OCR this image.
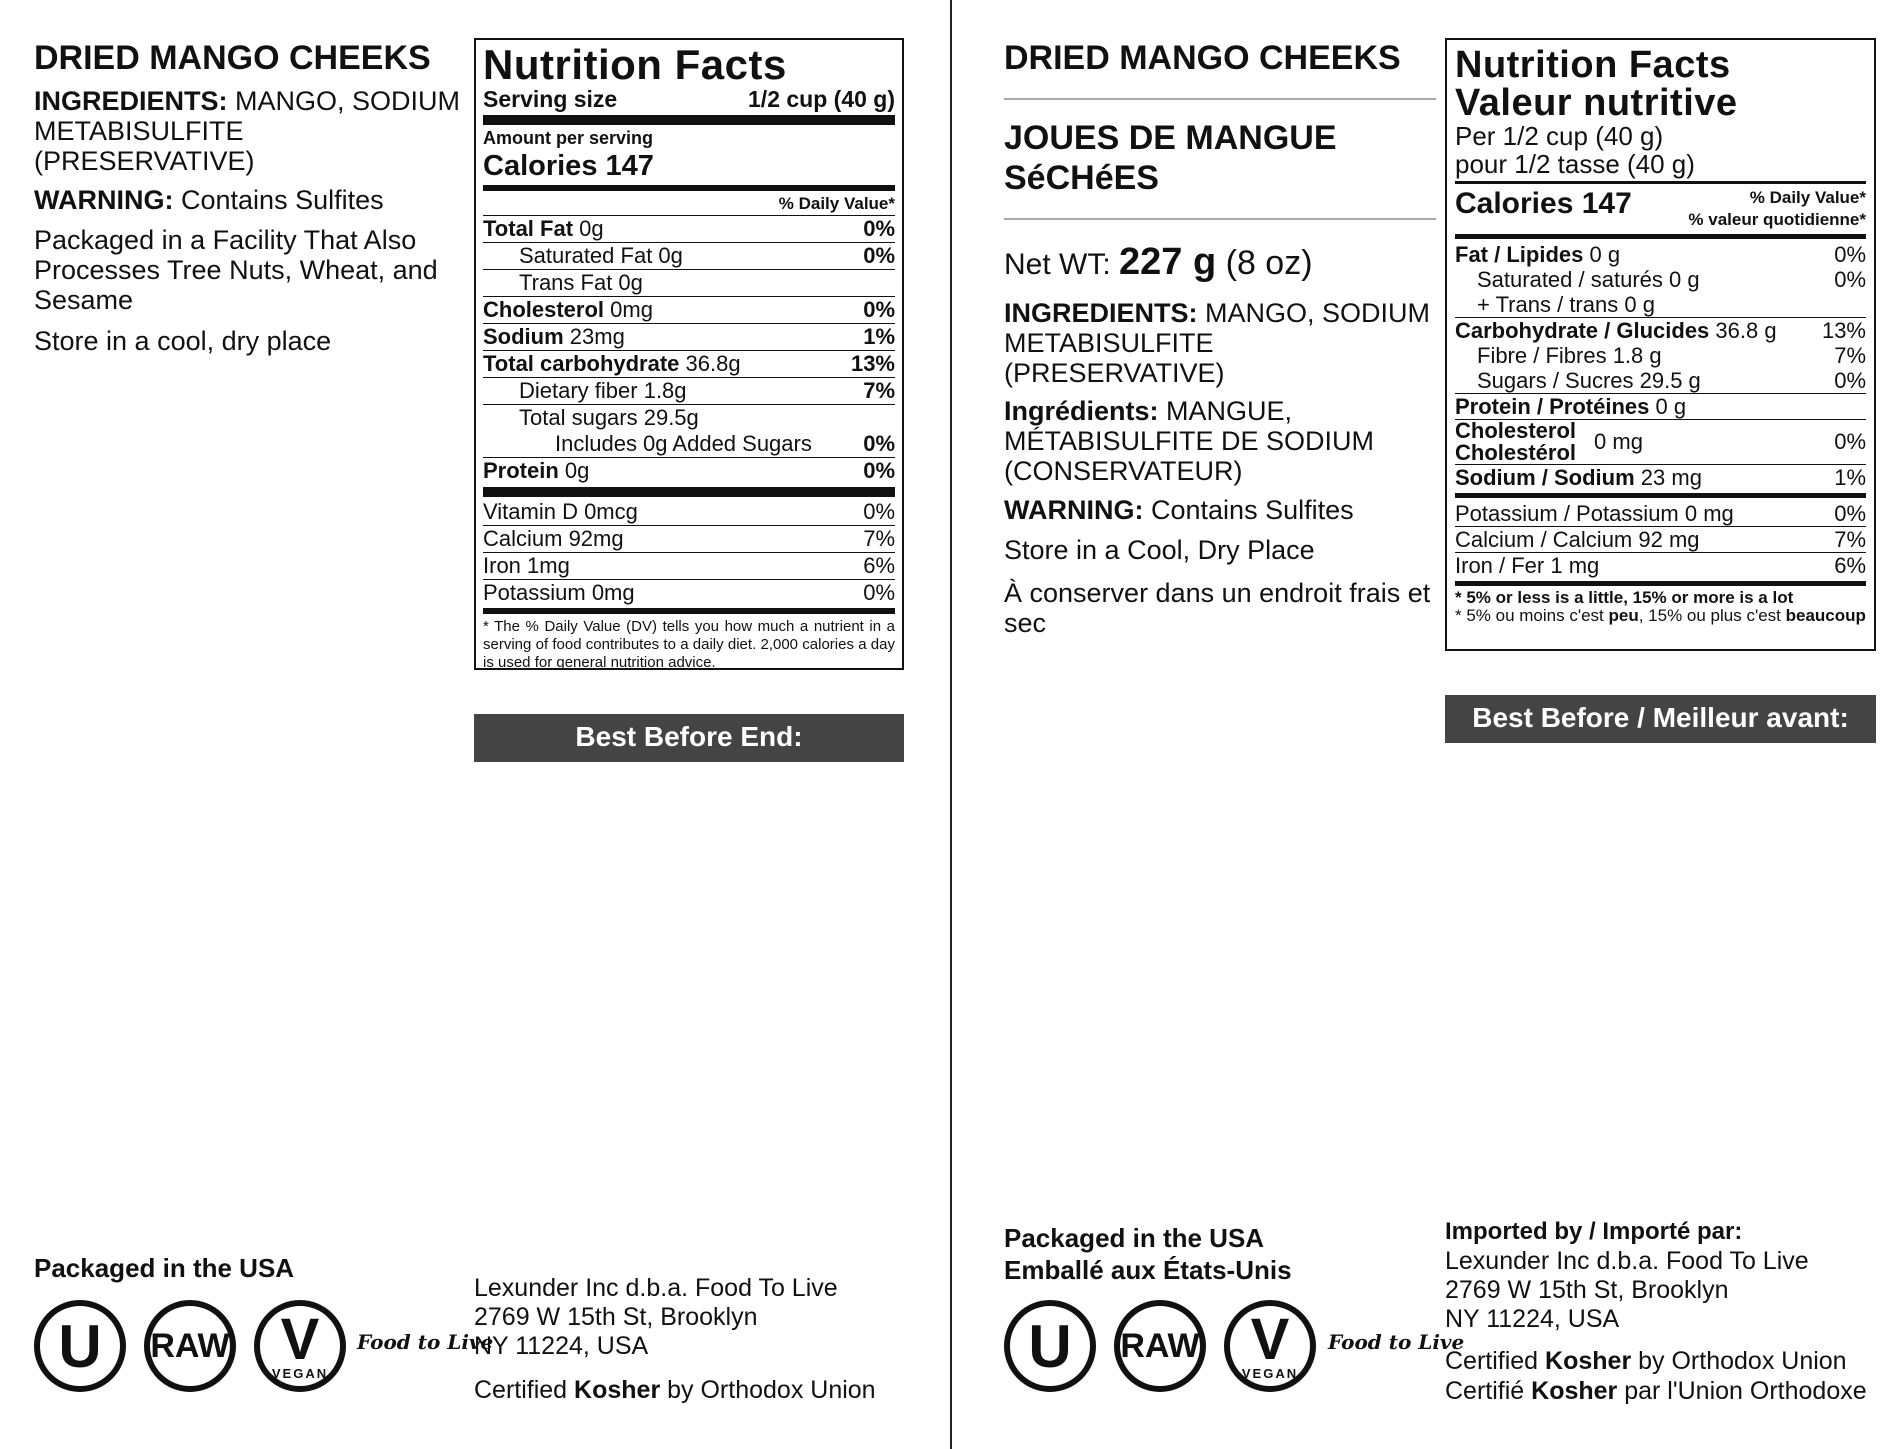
DRIED MANGO CHEEKS
INGREDIENTS: MANGO, SODIUM METABISULFITE (PRESERVATIVE)
WARNING: Contains Sulfites
Packaged in a Facility That Also Processes Tree Nuts, Wheat, and Sesame
Store in a cool, dry place
Nutrition Facts
Serving size	1/2 cup (40 g)
Amount per serving
Calories 147
% Daily Value*
Total Fat 0g	0%
Saturated Fat 0g	0%
Trans Fat 0g
Cholesterol 0mg	0%
Sodium 23mg	1%
Total carbohydrate 36.8g	13%
Dietary fiber 1.8g	7%
Total sugars 29.5g
Includes 0g Added Sugars 0%
Protein 0g	0%
Vitamin D 0mcg	0%
Calcium 92mg	7%
Iron 1mg	6%
Potassium 0mg	0%
* The % Daily Value (DV) tells you how much a nutrient in a serving of food contributes to a daily diet. 2,000 calories a day is used for general nutrition advice.
Best Before End:
Packaged in the USA
U RAW V
VEGAN
Food to Live
Lexunder Inc d.b.a. Food To Live
2769 W 15th St, Brooklyn
NY 11224, USA
Certified Kosher by Orthodox Union
DRIED MANGO CHEEKS
JOUES DE MANGUE
SéCHéES
Net WT: 227 g (8 oz)
INGREDIENTS: MANGO, SODIUM METABISULFITE (PRESERVATIVE)
Ingrédients: MANGUE, MÉTABISULFITE DE SODIUM (CONSERVATEUR)
WARNING: Contains Sulfites
Store in a Cool, Dry Place
À conserver dans un endroit frais et sec
Nutrition Facts
Valeur nutritive
Per 1/2 cup (40 g)
pour 1/2 tasse (40 g)
Calories 147	% Daily Value*
% valeur quotidienne*
Fat / Lipides 0 g	0%
Saturated / saturés 0 g	0%
+ Trans / trans 0 g
Carbohydrate / Glucides 36.8 g 13%
Fibre / Fibres 1.8 g	7%
Sugars / Sucres 29.5 g	0%
Protein / Protéines 0 g
Cholesterol
Cholestérol 0 mg	0%
Sodium / Sodium 23 mg	1%
Potassium / Potassium 0 mg	0%
Calcium / Calcium 92 mg	7%
Iron / Fer 1 mg	6%
* 5% or less is a little, 15% or more is a lot
* 5% ou moins c'est peu, 15% ou plus c'est beaucoup
Best Before / Meilleur avant:
Packaged in the USA
Emballé aux États-Unis
U RAW V
VEGAN
Food to Live
Imported by / Importé par:
Lexunder Inc d.b.a. Food To Live
2769 W 15th St, Brooklyn
NY 11224, USA
Certified Kosher by Orthodox Union
Certifié Kosher par l'Union Orthodoxe
